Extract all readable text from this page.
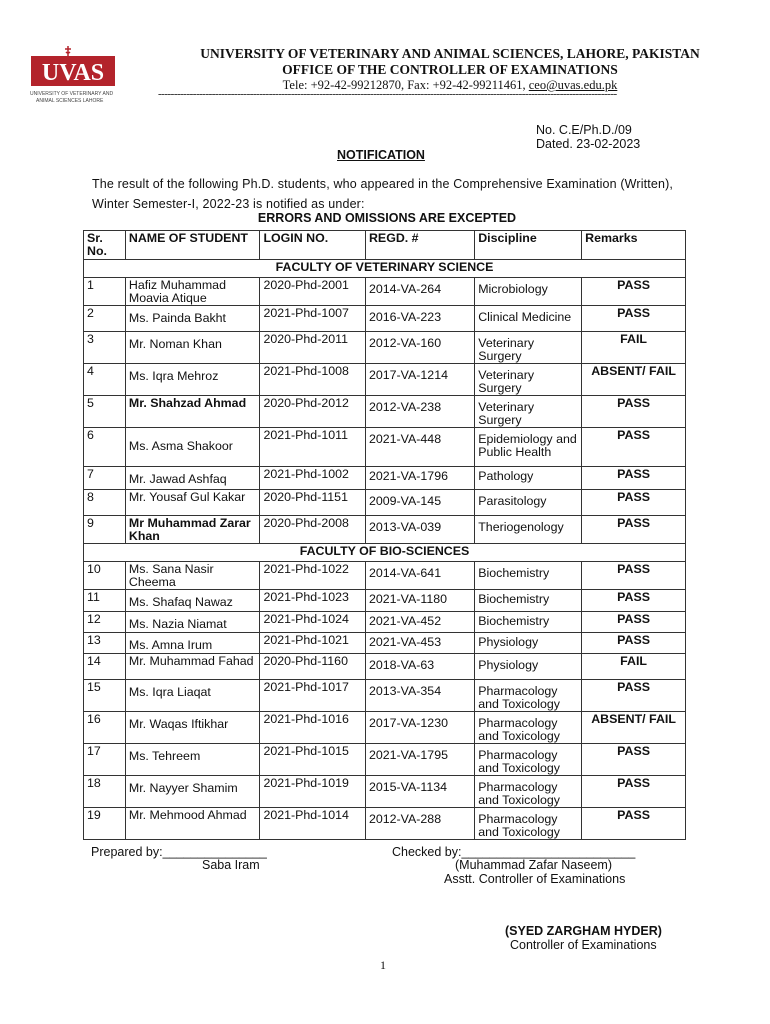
UVAS
UNIVERSITY OF VETERINARY AND
ANIMAL SCIENCES LAHORE
UNIVERSITY OF VETERINARY AND ANIMAL SCIENCES, LAHORE, PAKISTAN
OFFICE OF THE CONTROLLER OF EXAMINATIONS
Tele: +92-42-99212870, Fax: +92-42-99211461, ceo@uvas.edu.pk
-------------------------------------------------------------------------------------------------------------------------------------------------
No. C.E/Ph.D./09
Dated. 23-02-2023
NOTIFICATION
The result of the following Ph.D. students, who appeared in the Comprehensive Examination (Written), Winter Semester-I, 2022-23 is notified as under:
ERRORS AND OMISSIONS ARE EXCEPTED
Sr. No.	NAME OF STUDENT	LOGIN NO.	REGD. #	Discipline	Remarks
FACULTY OF VETERINARY SCIENCE					
1	Hafiz Muhammad Moavia Atique	2020-Phd-2001	2014-VA-264	Microbiology	PASS
2	Ms. Painda Bakht	2021-Phd-1007	2016-VA-223	Clinical Medicine	PASS
3	Mr. Noman Khan	2020-Phd-2011	2012-VA-160	Veterinary Surgery	FAIL
4	Ms. Iqra Mehroz	2021-Phd-1008	2017-VA-1214	Veterinary Surgery	ABSENT/ FAIL
5	Mr. Shahzad Ahmad	2020-Phd-2012	2012-VA-238	Veterinary Surgery	PASS
6	Ms. Asma Shakoor	2021-Phd-1011	2021-VA-448	Epidemiology and Public Health	PASS
7	Mr. Jawad Ashfaq	2021-Phd-1002	2021-VA-1796	Pathology	PASS
8	Mr. Yousaf Gul Kakar	2020-Phd-1151	2009-VA-145	Parasitology	PASS
9	Mr Muhammad Zarar Khan	2020-Phd-2008	2013-VA-039	Theriogenology	PASS
FACULTY OF BIO-SCIENCES					
10	Ms. Sana Nasir Cheema	2021-Phd-1022	2014-VA-641	Biochemistry	PASS
11	Ms. Shafaq Nawaz	2021-Phd-1023	2021-VA-1180	Biochemistry	PASS
12	Ms. Nazia Niamat	2021-Phd-1024	2021-VA-452	Biochemistry	PASS
13	Ms. Amna Irum	2021-Phd-1021	2021-VA-453	Physiology	PASS
14	Mr. Muhammad Fahad	2020-Phd-1160	2018-VA-63	Physiology	FAIL
15	Ms. Iqra Liaqat	2021-Phd-1017	2013-VA-354	Pharmacology and Toxicology	PASS
16	Mr. Waqas Iftikhar	2021-Phd-1016	2017-VA-1230	Pharmacology and Toxicology	ABSENT/ FAIL
17	Ms. Tehreem	2021-Phd-1015	2021-VA-1795	Pharmacology and Toxicology	PASS
18	Mr. Nayyer Shamim	2021-Phd-1019	2015-VA-1134	Pharmacology and Toxicology	PASS
19	Mr. Mehmood Ahmad	2021-Phd-1014	2012-VA-288	Pharmacology and Toxicology	PASS
Prepared by:_______________
Saba Iram
Checked by:_________________________
(Muhammad Zafar Naseem)
Asstt. Controller of Examinations
(SYED ZARGHAM HYDER)
Controller of Examinations
1
